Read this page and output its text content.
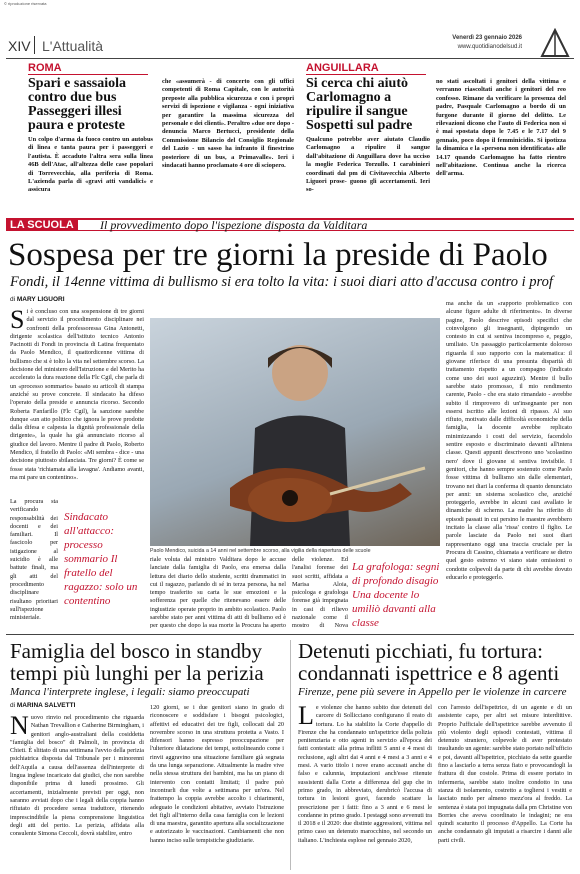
© riproduzione riservata
XIV L'Attualità	Venerdì 23 gennaio 2026
www.quotidianodelsud.it
ROMA
Spari e sassaiola contro due bus Passeggeri illesi paura e proteste
Un colpo d'arma da fuoco contro un autobus di linea e tanta paura per i passeggeri e l'autista. È accaduto l'altra sera sulla linea 46B dell'Atac, all'altezza delle case popolari di Torrevecchia, alla periferia di Roma. L'azienda parla di «gravi atti vandalici» e assicura
che «assumerà - di concerto con gli uffici competenti di Roma Capitale, con le autorità preposte alla pubblica sicurezza e con i propri servizi di ispezione e vigilanza - ogni iniziativa per garantire la massima sicurezza del personale e dei clienti». Peraltro «due ore dopo - denuncia Marco Bertucci, presidente della Commissione Bilancio del Consiglio Regionale del Lazio - un sasso ha infranto il finestrino posteriore di un bus, a Primavalle». Ieri i sindacati hanno proclamato 4 ore di sciopero.
ANGUILLARA
Si cerca chi aiutò Carlomagno a ripulire il sangue Sospetti sul padre
Qualcuno potrebbe aver aiutato Claudio Carlomagno a ripulire il sangue dall'abitazione di Anguillara dove ha ucciso la moglie Federica Torzullo. I carabinieri coordinati dal pm di Civitavecchia Alberto Liguori prose- guono gli accertamenti. Ieri so-
no stati ascoltati i genitori della vittima e verranno riascoltati anche i genitori del reo confesso. Rimane da verificare la presenza del padre, Pasquale Carlomagno a bordo di un furgone durante il giorno del delitto. Le rilevazioni dicono che l'auto di Federica non si è mai spostata dopo le 7.45 e le 7.17 del 9 gennaio, poco dopo il femminicidio. Si ipotizza la dinamica e la «persona non identificata» alle 14.17 quando Carlomagno ha fatto rientro nell'abitazione. Continua anche la ricerca dell'arma.
LA SCUOLA	Il provvedimento dopo l'ispezione disposta da Valditara
Sospesa per tre giorni la preside di Paolo
Fondi, il 14enne vittima di bullismo si era tolto la vita: i suoi diari atto d'accusa contro i prof
di MARY LIGUORI
Si è concluso con una sospensione di tre giorni dal servizio il procedimento disciplinare nei confronti della professoressa Gina Antonetti, dirigente scolastica dell'istituto tecnico Antonio Pacinotti di Fondi in provincia di Latina frequentato da Paolo Mendico, il quattordicenne vittima di bullismo che si è tolto la vita nel settembre scorso. La decisione del ministero dell'Istruzione e del Merito ha accelerato la dura reazione della Flc Cgil, che parla di un «processo sommario» basato su articoli di stampa anziché su prove concrete. Il sindacato ha difeso l'operato della preside e annuncia ricorso. Secondo Roberta Fanfarillo (Flc Cgil), la sanzione sarebbe dunque «un atto politico che ignora le prove prodotte dalla difesa e calpesta la dignità professionale della dirigente», la quale ha già annunciato ricorso al giudice del lavoro. Mentre il padre di Paolo, Roberto Mendico, il fratello di Paolo: «Mi sembra - dice - una decisione piuttosto sbilanciata. Tre giorni? È come se fosse stata 'richiamata alla lavagna'. Andiamo avanti, ma mi pare un contentino».
La procura sta verificando responsabilità dei docenti e dei familiari. Il fascicolo per istigazione al suicidio è alle battute finali, ma gli atti del procedimento disciplinare risultano prioritari sull'ispezione ministeriale.
Sindacato all'attacco: processo sommario Il fratello del ragazzo: solo un contentino
Paolo Mendico, suicida a 14 anni nel settembre scorso, alla vigilia della riapertura delle scuole
riale voluta dal ministro Valditara dopo le accuse lanciate dalla famiglia di Paolo, era emersa dalla lettura dei diario dello studente, scritti drammatici in cui il ragazzo, parlando di sé in terza persona, ha nel tempo trasferito su carta le sue emozioni e la sofferenza per quelle che ritenevano essere delle ingiustizie operate proprio in ambito scolastico. Paolo sarebbe stato per anni vittima di atti di bullismo ed è per questo che dopo la sua morte la Procura ha aperto
delle violenze. Ed l'analisi forense dei suoi scritti, affidata a Marisa Aloia, psicologa e grafologa forense già impegnata in casi di rilievo nazionale come il mostro di Nova
La grafologa: segni di profondo disagio Una docente lo umiliò davanti alla classe
ma anche da un «rapporto problematico con alcune figure adulte di riferimento». In diverse pagine, Paolo descrive episodi specifici che coinvolgono gli insegnanti, dipingendo un contesto in cui si sentiva incompreso e, peggio, umiliato. Un passaggio particolarmente doloroso riguarda il suo rapporto con la matematica: il giovane riferisce di una presunta disparità di trattamento rispetto a un compagno (indicato come uno dei suoi aguzzini). Mentre il bullo sarebbe stato promosso, il mio rendimento carente, Paolo - che era stato rimandato - avrebbe subito il rimprovero di un'insegnante per non essersi iscritto alle lezioni di ripasso. Al suo rifiuto, motivato dalle difficoltà economiche della famiglia, la docente avrebbe replicato minimizzando i costi del servizio, facendolo sentire esposto e discriminato davanti all'intera classe. Questi appunti descrivono uno 'scolastino nero' dove il giovane si sentiva invisibile. I genitori, che hanno sempre sostenuto come Paolo fosse vittima di bullismo sin dalle elementari, trovano nei diari la conferma di quanto denunciato per anni: un sistema scolastico che, anziché proteggerlo, avrebbe in alcuni casi avallato le dinamiche di scherno. La madre ha riferito di episodi passati in cui persino le maestre avrebbero incitato la classe alla 'rissa' contro il figlio. Le parole lasciate da Paolo nei suoi diari rappresentano oggi una traccia cruciale per la Procura di Cassino, chiamata a verificare se dietro quel gesto estremo vi siano state omissioni o condotte colpevoli da parte di chi avrebbe dovuto educarlo e proteggerlo.
Famiglia del bosco in standby tempi più lunghi per la perizia
Manca l'interprete inglese, i legali: siamo preoccupati
di MARINA SALVETTI
Nuovo rinvio nel procedimento che riguarda Nathan Trevallion e Catherine Birmingham, i genitori anglo-australiani della cosiddetta "famiglia del bosco" di Palmoli, in provincia di Chieti. È slittato di una settimana l'avvio della perizia psichiatrica disposta dal Tribunale per i minorenni dell'Aquila a causa dell'assenza dell'interprete di lingua inglese incaricato dai giudici, che non sarebbe disponibile prima di lunedì prossimo. Gli accertamenti, inizialmente previsti per oggi, non saranno avviati dopo che i legali della coppia hanno rifiutato di procedere senza traduttore, ritenendo imprescindibile la piena comprensione linguistica degli atti del perito. La perizia, affidata alla consulente Simona Ceccoli, dovrà stabilire, entro
120 giorni, se i due genitori siano in grado di riconoscere e soddisfare i bisogni psicologici, affettivi ed educativi dei tre figli, collocati dal 20 novembre scorso in una struttura protetta a Vasto. I difensori hanno espresso preoccupazione per l'ulteriore dilatazione dei tempi, sottolineando come i rinvii aggravino una situazione familiare già segnata da una lunga separazione. Attualmente la madre vive nella stessa struttura dei bambini, ma ha un piano di intervento con contatti limitati; il padre può incontrarli due volte a settimana per un'ora. Nel frattempo la coppia avrebbe accolto i chiarimenti, adeguato le condizioni abitative, avviato l'istruzione dei figli all'interno della casa famiglia con le lezioni di una maestra, garantito apertura alla socializzazione e autorizzato le vaccinazioni. Cambiamenti che non hanno inciso sulle tempistiche giudiziarie.
Detenuti picchiati, fu tortura: condannati ispettrice e 8 agenti
Firenze, pene più severe in Appello per le violenze in carcere
Le violenze che hanno subito due detenuti del carcere di Sollicciano configurano il reato di tortura. Lo ha stabilito la Corte d'appello di Firenze che ha condannato un'ispettrice della polizia penitenziaria e otto agenti in servizio all'epoca dei fatti contestati: alla prima inflitti 5 anni e 4 mesi di reclusione, agli altri dai 4 anni e 4 mesi a 3 anni e 4 mesi. A vario titolo i nove erano accusati anche di falso e calunnia, imputazioni anch'esse ritenute sussistenti dalla Corte a differenza del gup che in primo grado, in abbreviato, derubricò l'accusa di tortura in lesioni gravi, facendo scattare la prescrizione per i fatti: fino a 3 anni e 6 mesi le condanne in primo grado. I pestaggi sono avvenuti tra il 2018 e il 2020: due distinte aggressioni, vittima nel primo caso un detenuto marocchino, nel secondo un italiano. L'inchiesta esplose nel gennaio 2020,
con l'arresto dell'ispettrice, di un agente e di un assistente capo, per altri sei misure interdittive. Proprio l'ufficiale dell'ispettrice sarebbe avvenuto il più violento degli episodi contestati, vittima il detenuto straniero, colpevole di aver protestato insultando un agente: sarebbe stato portato nell'ufficio e poi, davanti all'ispettrice, picchiato da sette guardie fino a lasciarlo a terra senza fiato e provocandogli la frattura di due costole. Prima di essere portato in infermeria, sarebbe stato inoltre condotto in una stanza di isolamento, costretto a togliersi i vestiti e lasciato nudo per almeno mezz'ora al freddo. La sentenza è stata poi impugnata dalla pm Christine von Borries che aveva coordinato le indagini; ne era quindi scaturito il processo d'Appello. La Corte ha anche condannato gli imputati a risarcire i danni alle parti civili.
